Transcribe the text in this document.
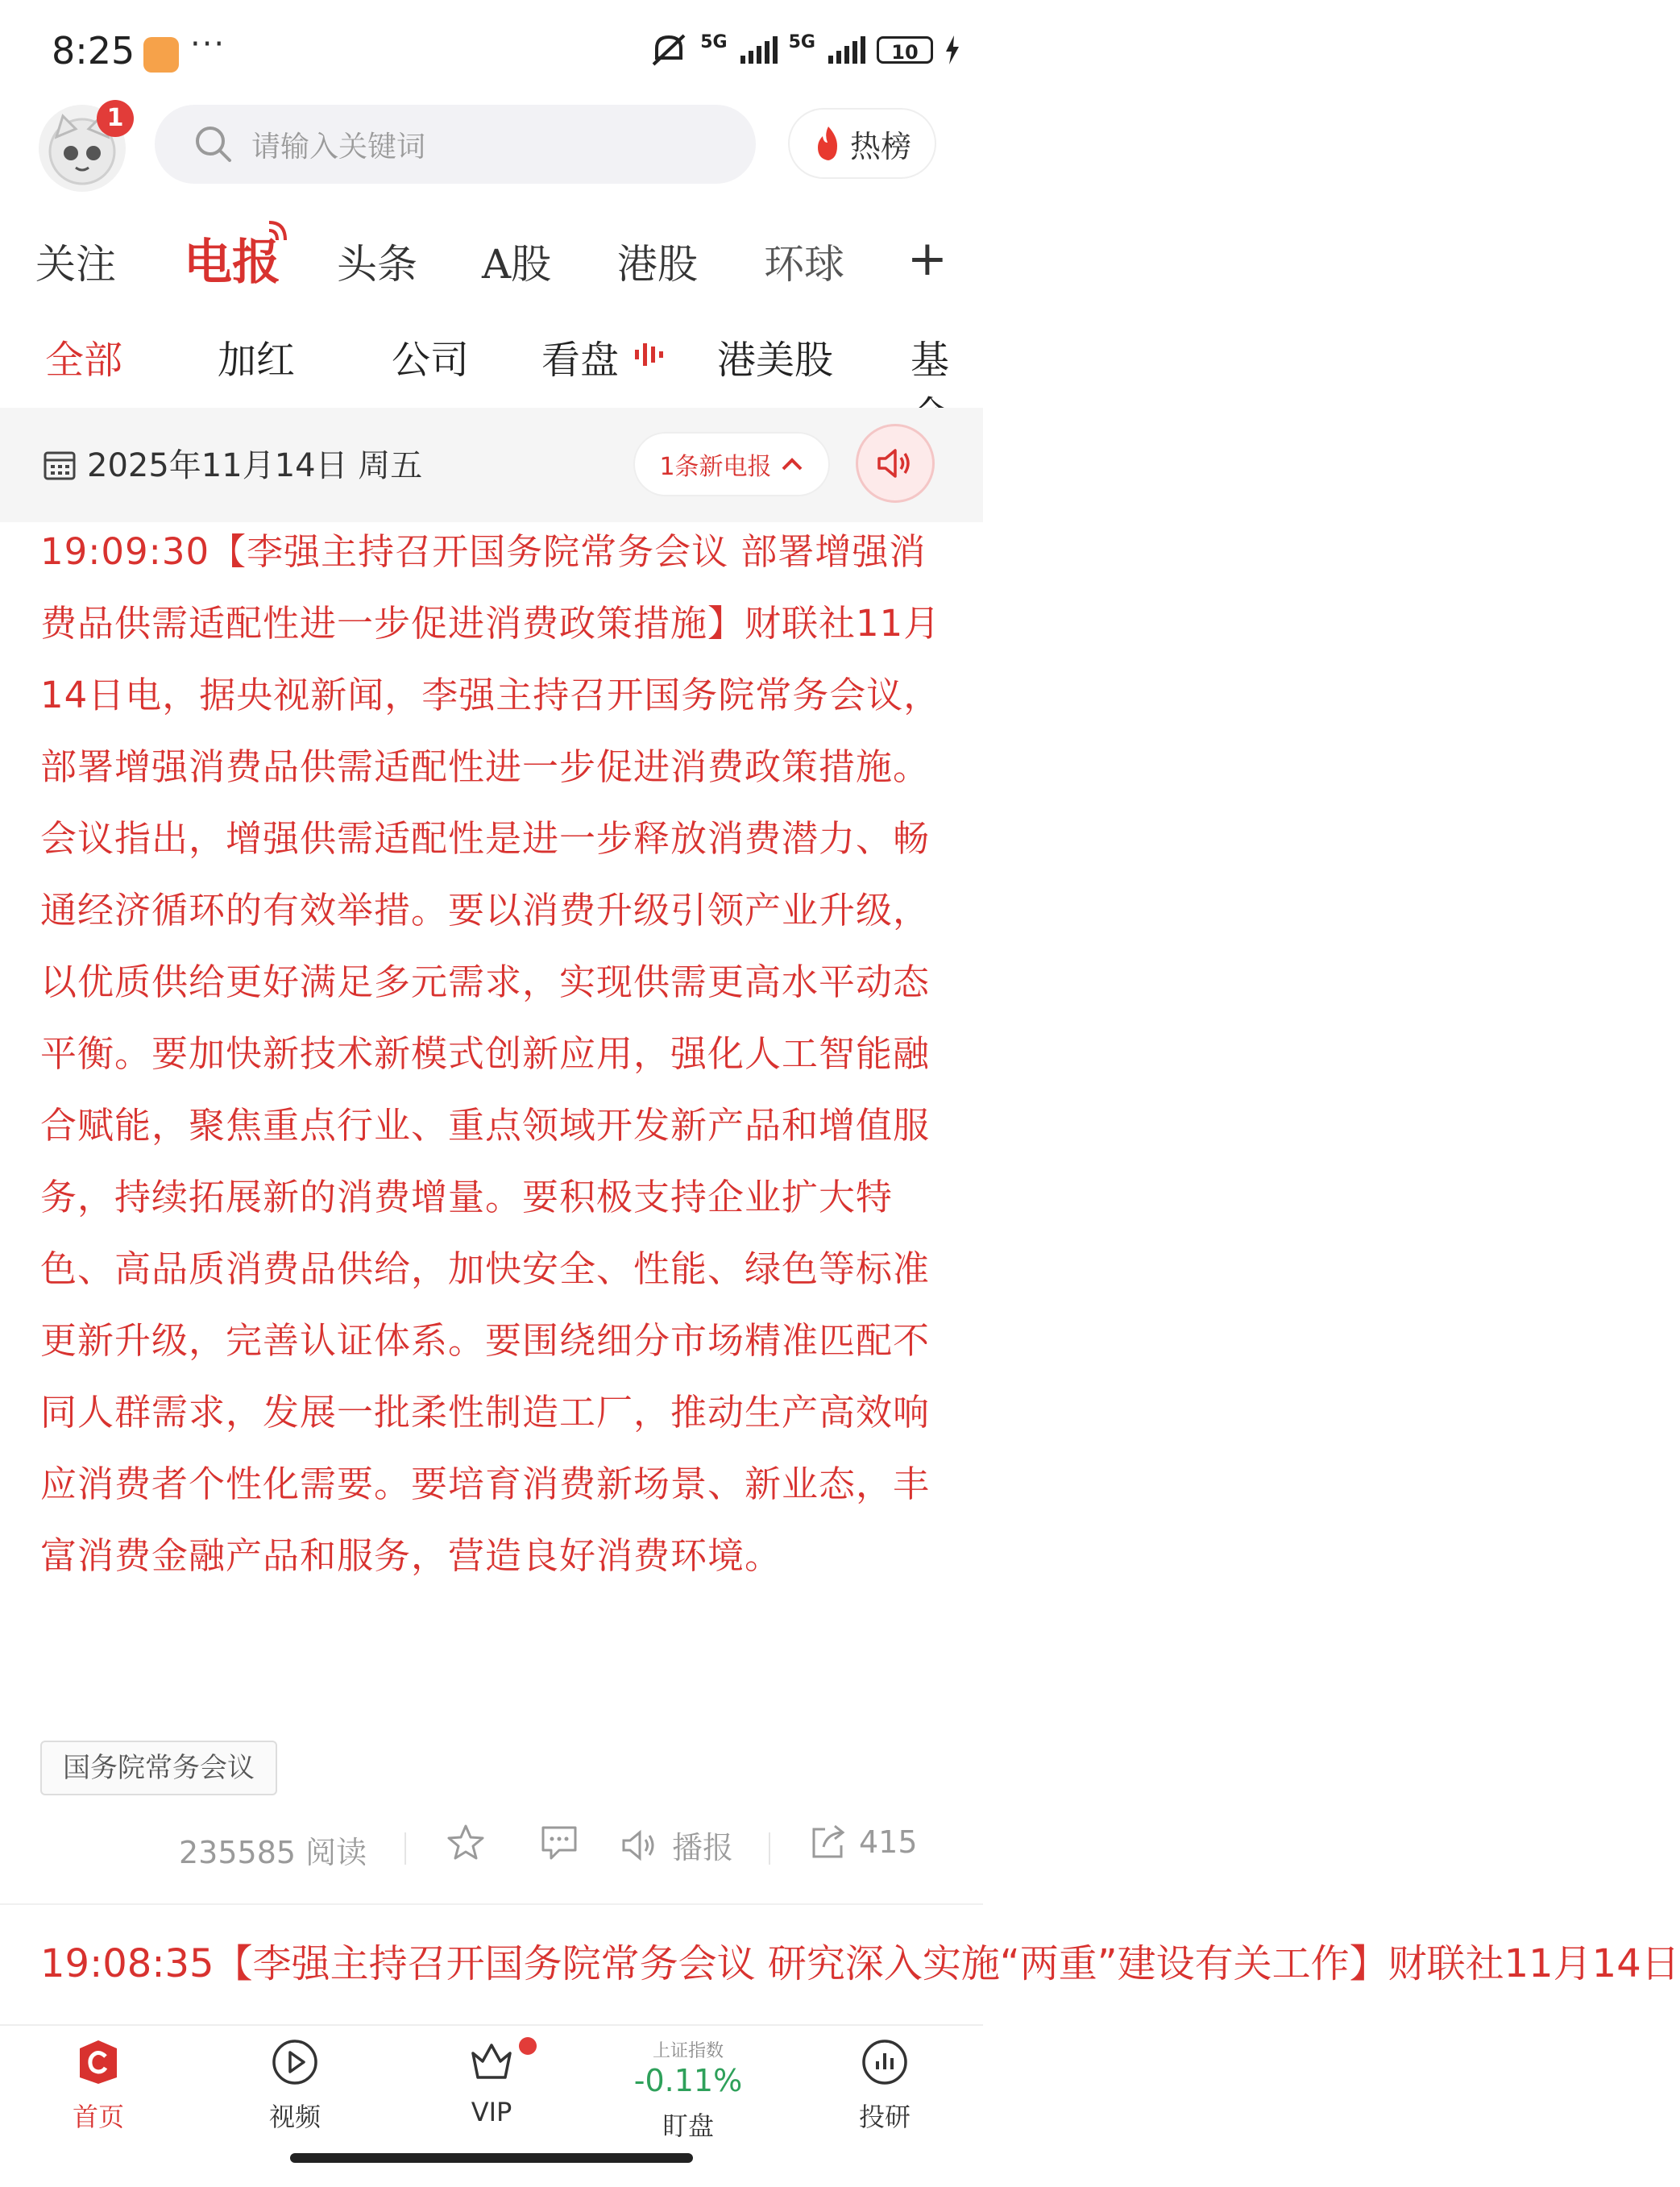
8:25 ···	5G	5G	10
1
请输入关键词	热榜
关注 电报 头条 A股 港股 环球 +
全部 加红 公司 看盘	港美股 基
2025年11月14日 周五	1条新电报

19:09:30【李强主持召开国务院常务会议 部署增强消费品供需适配性进一步促进消费政策措施】财联社11月14日电，据央视新闻，李强主持召开国务院常务会议，部署增强消费品供需适配性进一步促进消费政策措施。会议指出，增强供需适配性是进一步释放消费潜力、畅通经济循环的有效举措。要以消费升级引领产业升级，以优质供给更好满足多元需求，实现供需更高水平动态平衡。要加快新技术新模式创新应用，强化人工智能融合赋能，聚焦重点行业、重点领域开发新产品和增值服务，持续拓展新的消费增量。要积极支持企业扩大特色、高品质消费品供给，加快安全、性能、绿色等标准更新升级，完善认证体系。要围绕细分市场精准匹配不同人群需求，发展一批柔性制造工厂，推动生产高效响应消费者个性化需要。要培育消费新场景、新业态，丰富消费金融产品和服务，营造良好消费环境。

国务院常务会议
235585 阅读	播报	415
19:08:35【李强主持召开国务院常务会议 研究深入实施“两重”建设有关工作】财联社11月14日
首页	视频	VIP
上证指数
-0.11%
盯盘	投研
